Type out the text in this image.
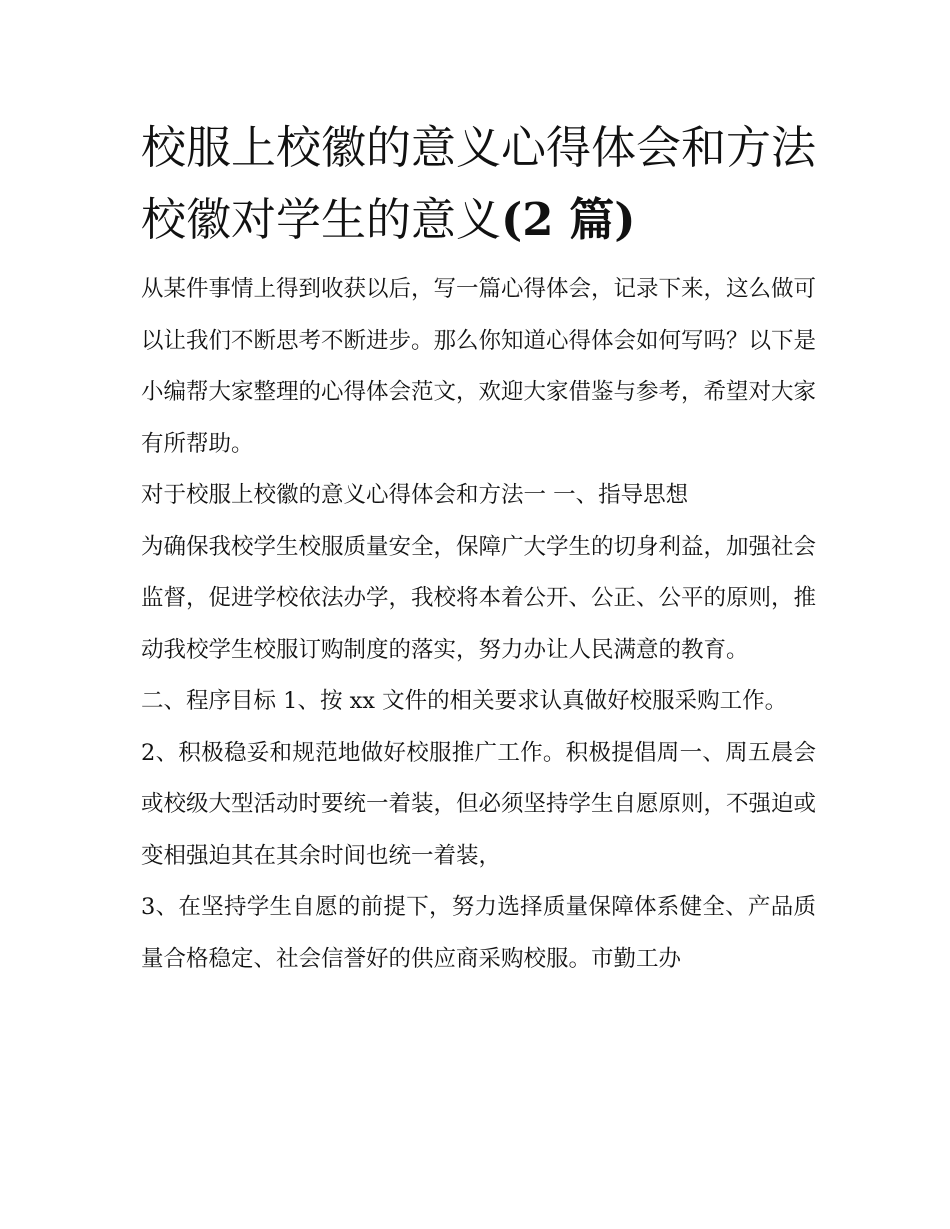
校服上校徽的意义心得体会和方法 校徽对学生的意义(2 篇)

从某件事情上得到收获以后，写一篇心得体会，记录下来，这么做可以让我们不断思考不断进步。那么你知道心得体会如何写吗？以下是小编帮大家整理的心得体会范文，欢迎大家借鉴与参考，希望对大家有所帮助。

对于校服上校徽的意义心得体会和方法一 一、指导思想

为确保我校学生校服质量安全，保障广大学生的切身利益，加强社会监督，促进学校依法办学，我校将本着公开、公正、公平的原则，推动我校学生校服订购制度的落实，努力办让人民满意的教育。

二、程序目标 1、按 xx 文件的相关要求认真做好校服采购工作。

2、积极稳妥和规范地做好校服推广工作。积极提倡周一、周五晨会或校级大型活动时要统一着装，但必须坚持学生自愿原则，不强迫或变相强迫其在其余时间也统一着装，

3、在坚持学生自愿的前提下，努力选择质量保障体系健全、产品质量合格稳定、社会信誉好的供应商采购校服。市勤工办
